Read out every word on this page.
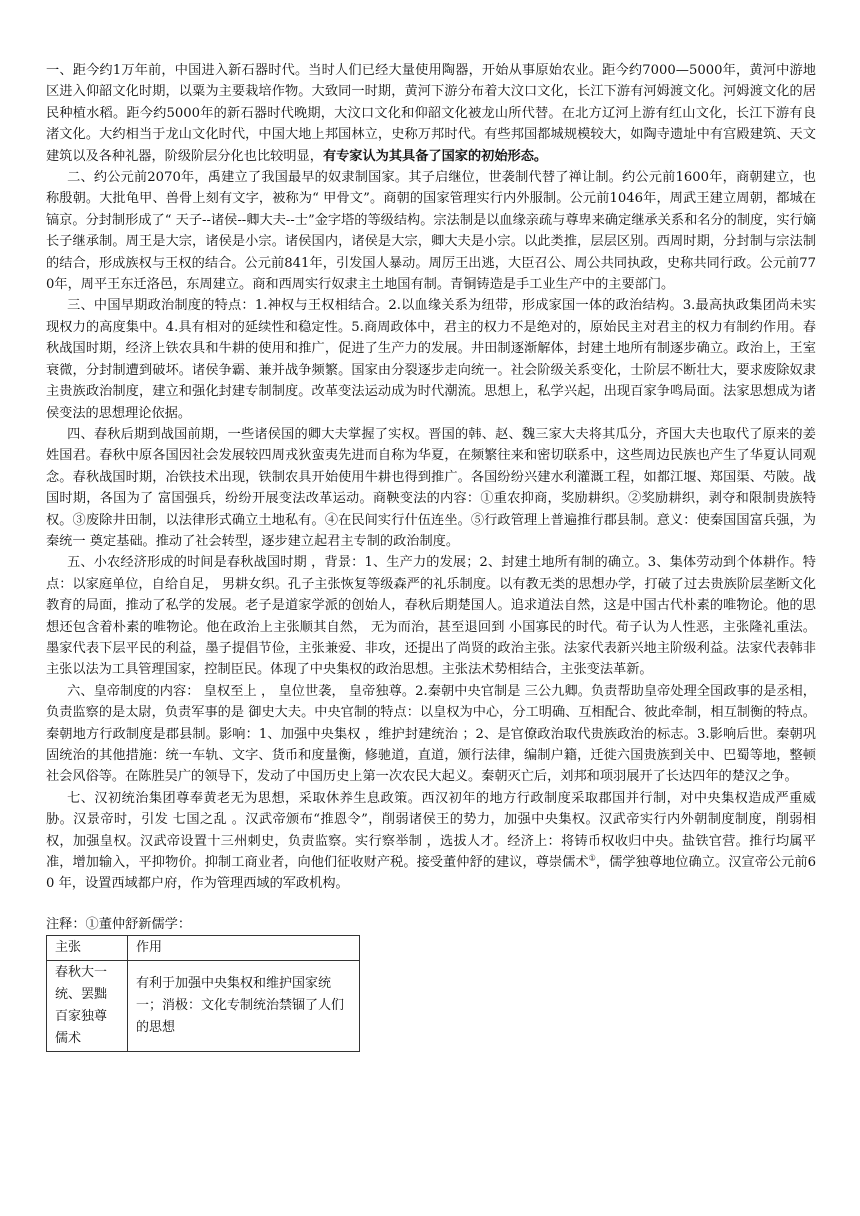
一、距今约1万年前，中国进入新石器时代。当时人们已经大量使用陶器，开始从事原始农业。距今约7000—5000年，黄河中游地区进入仰韶文化时期，以粟为主要栽培作物。大致同一时期，黄河下游分布着大汶口文化，长江下游有河姆渡文化。河姆渡文化的居民种植水稻。距今约5000年的新石器时代晚期，大汶口文化和仰韶文化被龙山所代替。在北方辽河上游有红山文化，长江下游有良渚文化。大约相当于龙山文化时代，中国大地上邦国林立，史称万邦时代。有些邦国都城规模较大，如陶寺遗址中有宫殿建筑、天文建筑以及各种礼器，阶级阶层分化也比较明显，有专家认为其具备了国家的初始形态。

二、约公元前2070年，禹建立了我国最早的奴隶制国家。其子启继位，世袭制代替了禅让制。约公元前1600年，商朝建立，也称殷朝。大批龟甲、兽骨上刻有文字，被称为“ 甲骨文”。商朝的国家管理实行内外服制。公元前1046年，周武王建立周朝，都城在镐京。分封制形成了“ 天子--诸侯--卿大夫--士”金字塔的等级结构。宗法制是以血缘亲疏与尊卑来确定继承关系和名分的制度，实行嫡长子继承制。周王是大宗，诸侯是小宗。诸侯国内，诸侯是大宗，卿大夫是小宗。以此类推，层层区别。西周时期，分封制与宗法制的结合，形成族权与王权的结合。公元前841年，引发国人暴动。周厉王出逃，大臣召公、周公共同执政，史称共同行政。公元前770年，周平王东迁洛邑，东周建立。商和西周实行奴隶主土地国有制。青铜铸造是手工业生产中的主要部门。

三、中国早期政治制度的特点：1.神权与王权相结合。2.以血缘关系为纽带，形成家国一体的政治结构。3.最高执政集团尚未实现权力的高度集中。4.具有相对的延续性和稳定性。5.商周政体中，君主的权力不是绝对的，原始民主对君主的权力有制约作用。春秋战国时期，经济上铁农具和牛耕的使用和推广，促进了生产力的发展。井田制逐渐解体，封建土地所有制逐步确立。政治上，王室衰微，分封制遭到破坏。诸侯争霸、兼并战争频繁。国家由分裂逐步走向统一。社会阶级关系变化，士阶层不断壮大，要求废除奴隶主贵族政治制度，建立和强化封建专制制度。改革变法运动成为时代潮流。思想上，私学兴起，出现百家争鸣局面。法家思想成为诸侯变法的思想理论依据。

四、春秋后期到战国前期，一些诸侯国的卿大夫掌握了实权。晋国的韩、赵、魏三家大夫将其瓜分，齐国大夫也取代了原来的姜姓国君。春秋中原各国因社会发展较四周戎狄蛮夷先进而自称为华夏，在频繁往来和密切联系中，这些周边民族也产生了华夏认同观念。春秋战国时期，冶铁技术出现，铁制农具开始使用牛耕也得到推广。各国纷纷兴建水利灌溉工程，如都江堰、郑国渠、芍陂。战国时期，各国为了 富国强兵，纷纷开展变法改革运动。商鞅变法的内容：①重农抑商，奖励耕织。②奖励耕织，剥夺和限制贵族特权。③废除井田制，以法律形式确立土地私有。④在民间实行什伍连坐。⑤行政管理上普遍推行郡县制。意义：使秦国国富兵强，为秦统一 奠定基础。推动了社会转型，逐步建立起君主专制的政治制度。

五、小农经济形成的时间是春秋战国时期 ，背景：1、生产力的发展；2、封建土地所有制的确立。3、集体劳动到个体耕作。特点：以家庭单位，自给自足， 男耕女织。孔子主张恢复等级森严的礼乐制度。以有教无类的思想办学，打破了过去贵族阶层垄断文化教育的局面，推动了私学的发展。老子是道家学派的创始人，春秋后期楚国人。追求道法自然，这是中国古代朴素的唯物论。他的思想还包含着朴素的唯物论。他在政治上主张顺其自然， 无为而治，甚至退回到 小国寡民的时代。荀子认为人性恶，主张隆礼重法。墨家代表下层平民的利益，墨子提倡节俭，主张兼爱、非攻，还提出了尚贤的政治主张。法家代表新兴地主阶级利益。法家代表韩非主张以法为工具管理国家，控制臣民。体现了中央集权的政治思想。主张法术势相结合，主张变法革新。

六、皇帝制度的内容： 皇权至上 ， 皇位世袭， 皇帝独尊。2.秦朝中央官制是 三公九卿。负责帮助皇帝处理全国政事的是丞相，负责监察的是太尉，负责军事的是 御史大夫。中央官制的特点：以皇权为中心，分工明确、互相配合、彼此牵制，相互制衡的特点。秦朝地方行政制度是郡县制。影响：1、加强中央集权 ，维护封建统治 ；2、是官僚政治取代贵族政治的标志。3.影响后世。秦朝巩固统治的其他措施：统一车轨、文字、货币和度量衡，修驰道，直道，颁行法律，编制户籍，迁徙六国贵族到关中、巴蜀等地，整顿社会风俗等。在陈胜吴广的领导下，发动了中国历史上第一次农民大起义。秦朝灭亡后，刘邦和项羽展开了长达四年的楚汉之争。

七、汉初统治集团尊奉黄老无为思想，采取休养生息政策。西汉初年的地方行政制度采取郡国并行制，对中央集权造成严重威胁。汉景帝时，引发 七国之乱 。汉武帝颁布“推恩令”，削弱诸侯王的势力，加强中央集权。汉武帝实行内外朝制度制度，削弱相权，加强皇权。汉武帝设置十三州刺史，负责监察。实行察举制 ，选拔人才。经济上：将铸币权收归中央。盐铁官营。推行均属平准，增加输入，平抑物价。抑制工商业者，向他们征收财产税。接受董仲舒的建议，尊崇儒术①，儒学独尊地位确立。汉宣帝公元前60 年，设置西域都户府，作为管理西域的军政机构。

注释：①董仲舒新儒学：

主张	作用
春秋大一统、罢黜百家独尊儒术	有利于加强中央集权和维护国家统一；消极：文化专制统治禁锢了人们的思想
